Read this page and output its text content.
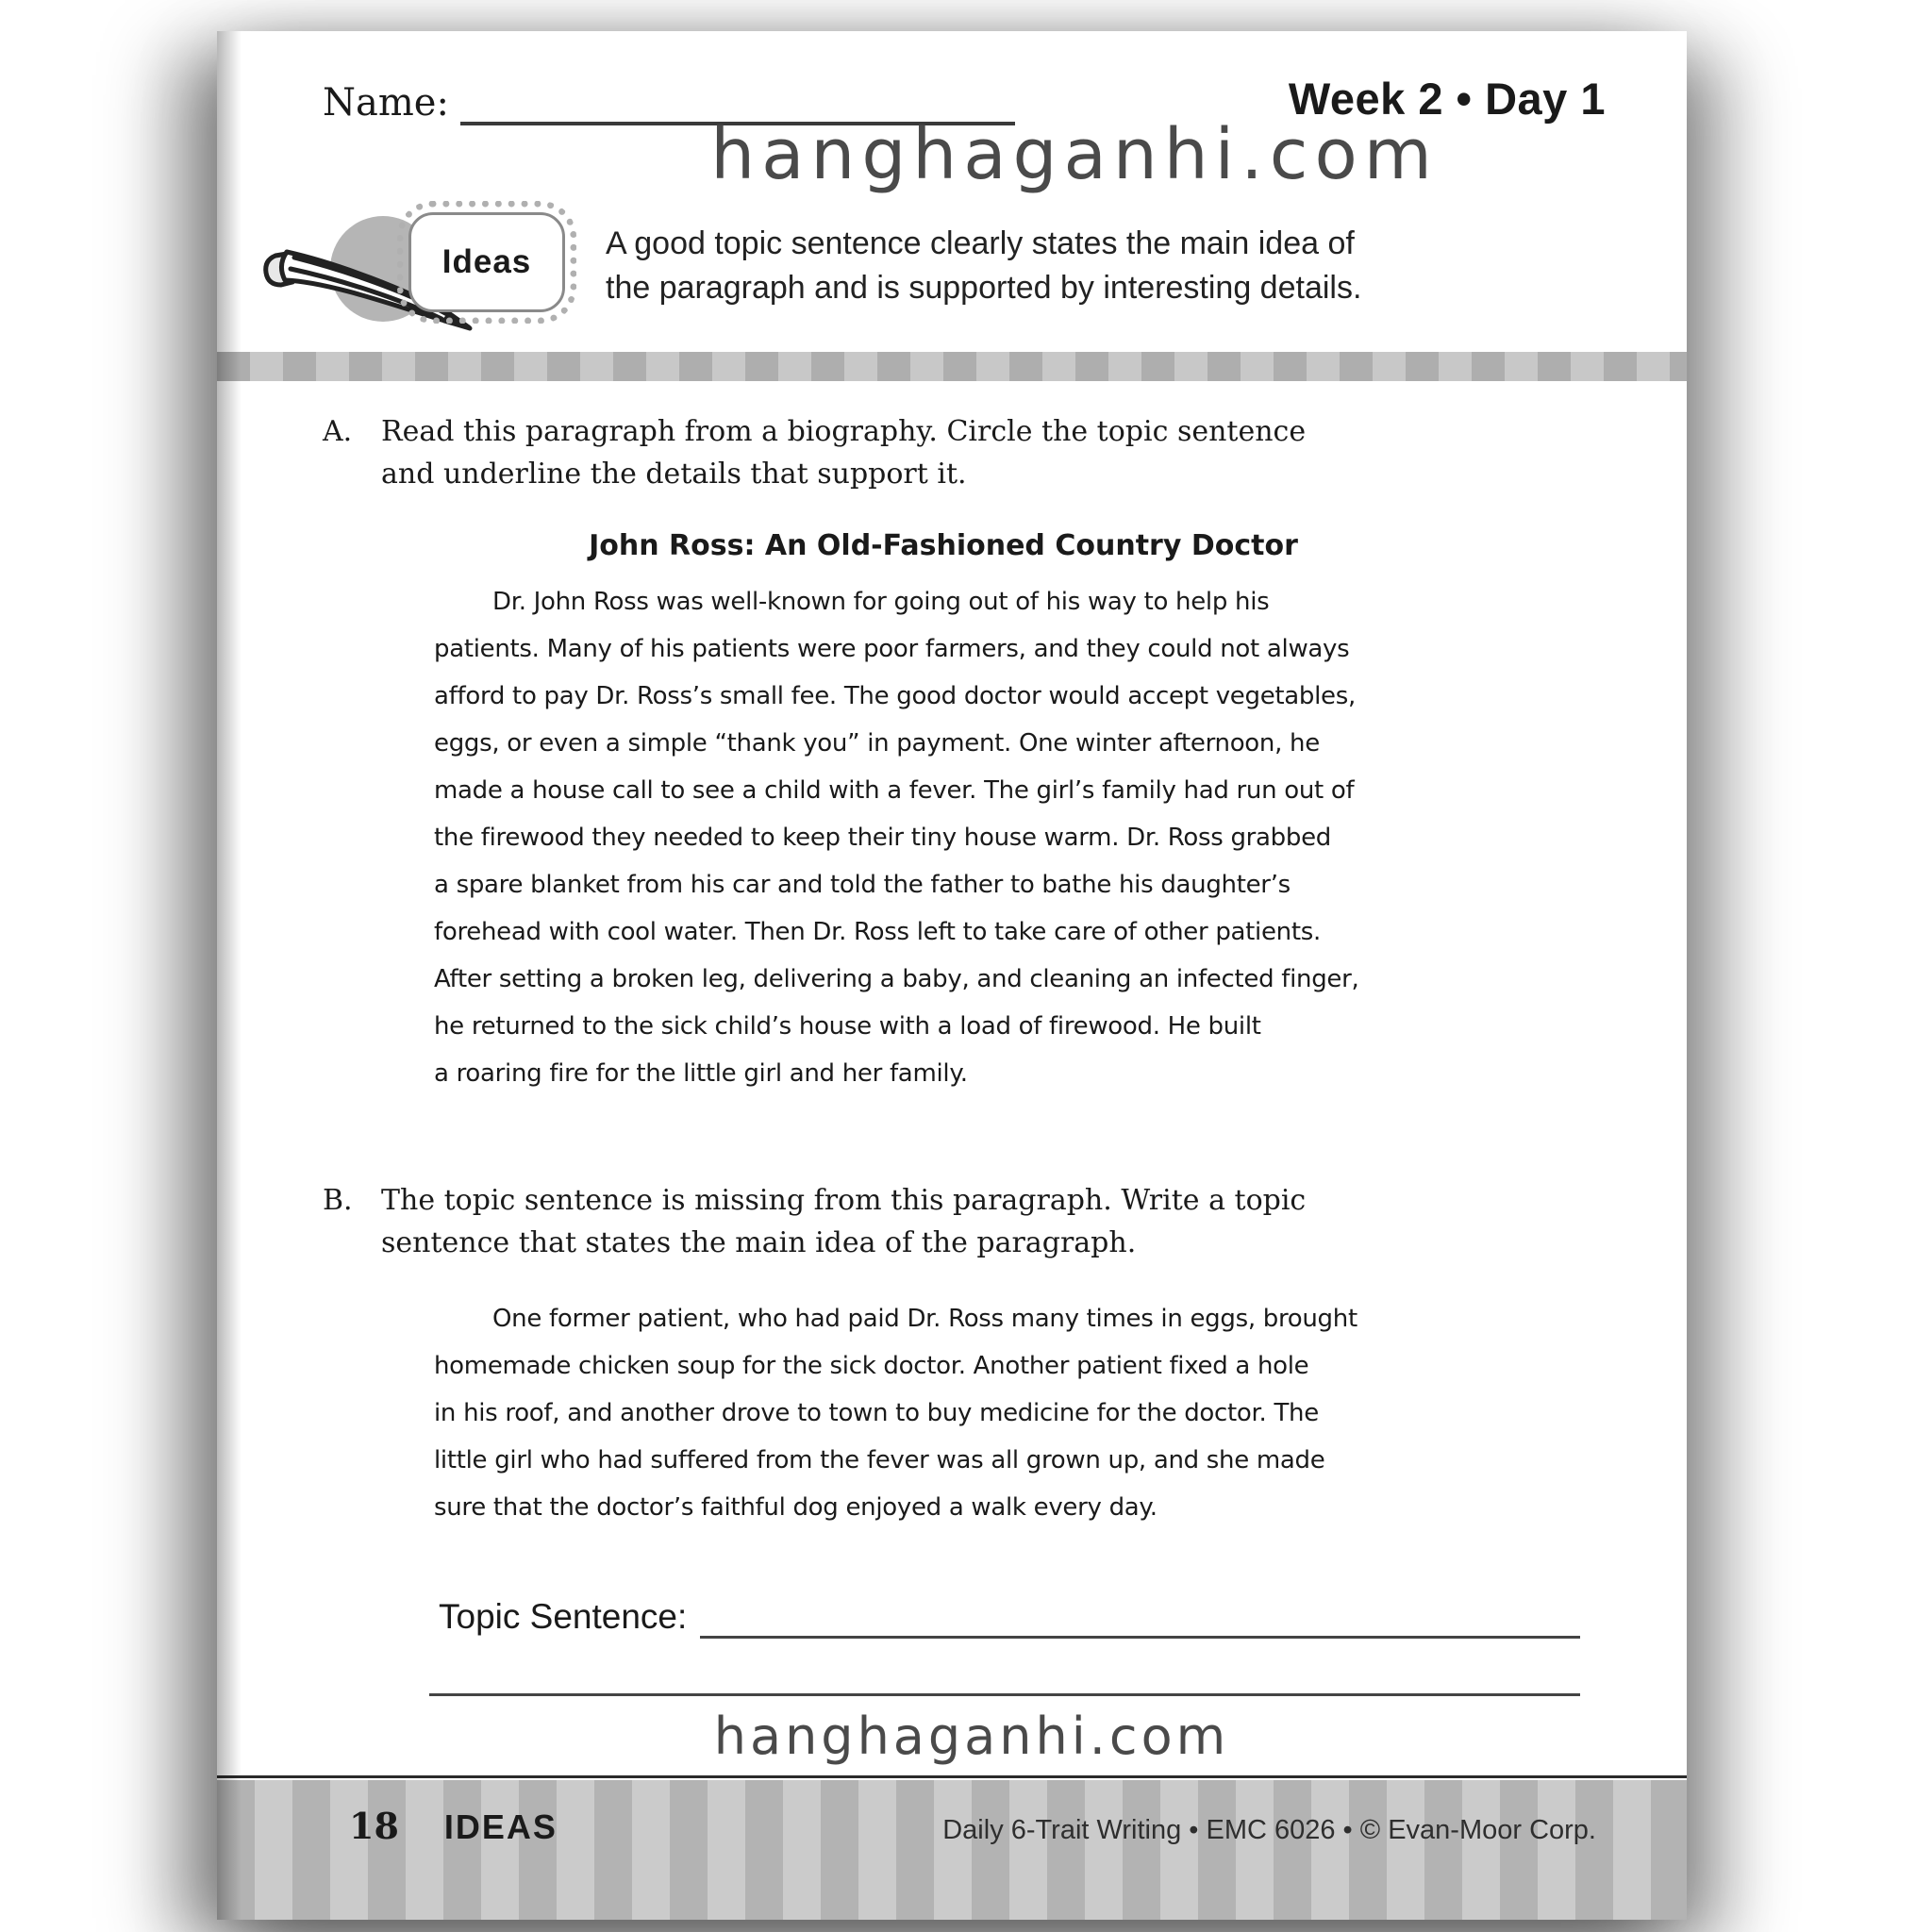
Name:	Week 2 • Day 1
hanghaganhi.com
Ideas A good topic sentence clearly states the main idea of
the paragraph and is supported by interesting details.
A.	Read this paragraph from a biography. Circle the topic sentence
and underline the details that support it.
John Ross: An Old-Fashioned Country Doctor
Dr. John Ross was well-known for going out of his way to help his
patients. Many of his patients were poor farmers, and they could not always
afford to pay Dr. Ross’s small fee. The good doctor would accept vegetables,
eggs, or even a simple “thank you” in payment. One winter afternoon, he
made a house call to see a child with a fever. The girl’s family had run out of
the firewood they needed to keep their tiny house warm. Dr. Ross grabbed
a spare blanket from his car and told the father to bathe his daughter’s
forehead with cool water. Then Dr. Ross left to take care of other patients.
After setting a broken leg, delivering a baby, and cleaning an infected finger,
he returned to the sick child’s house with a load of firewood. He built
a roaring fire for the little girl and her family.
B.	The topic sentence is missing from this paragraph. Write a topic
sentence that states the main idea of the paragraph.
One former patient, who had paid Dr. Ross many times in eggs, brought
homemade chicken soup for the sick doctor. Another patient fixed a hole
in his roof, and another drove to town to buy medicine for the doctor. The
little girl who had suffered from the fever was all grown up, and she made
sure that the doctor’s faithful dog enjoyed a walk every day.
Topic Sentence:
hanghaganhi.com
18 IDEAS	Daily 6-Trait Writing • EMC 6026 • © Evan-Moor Corp.
